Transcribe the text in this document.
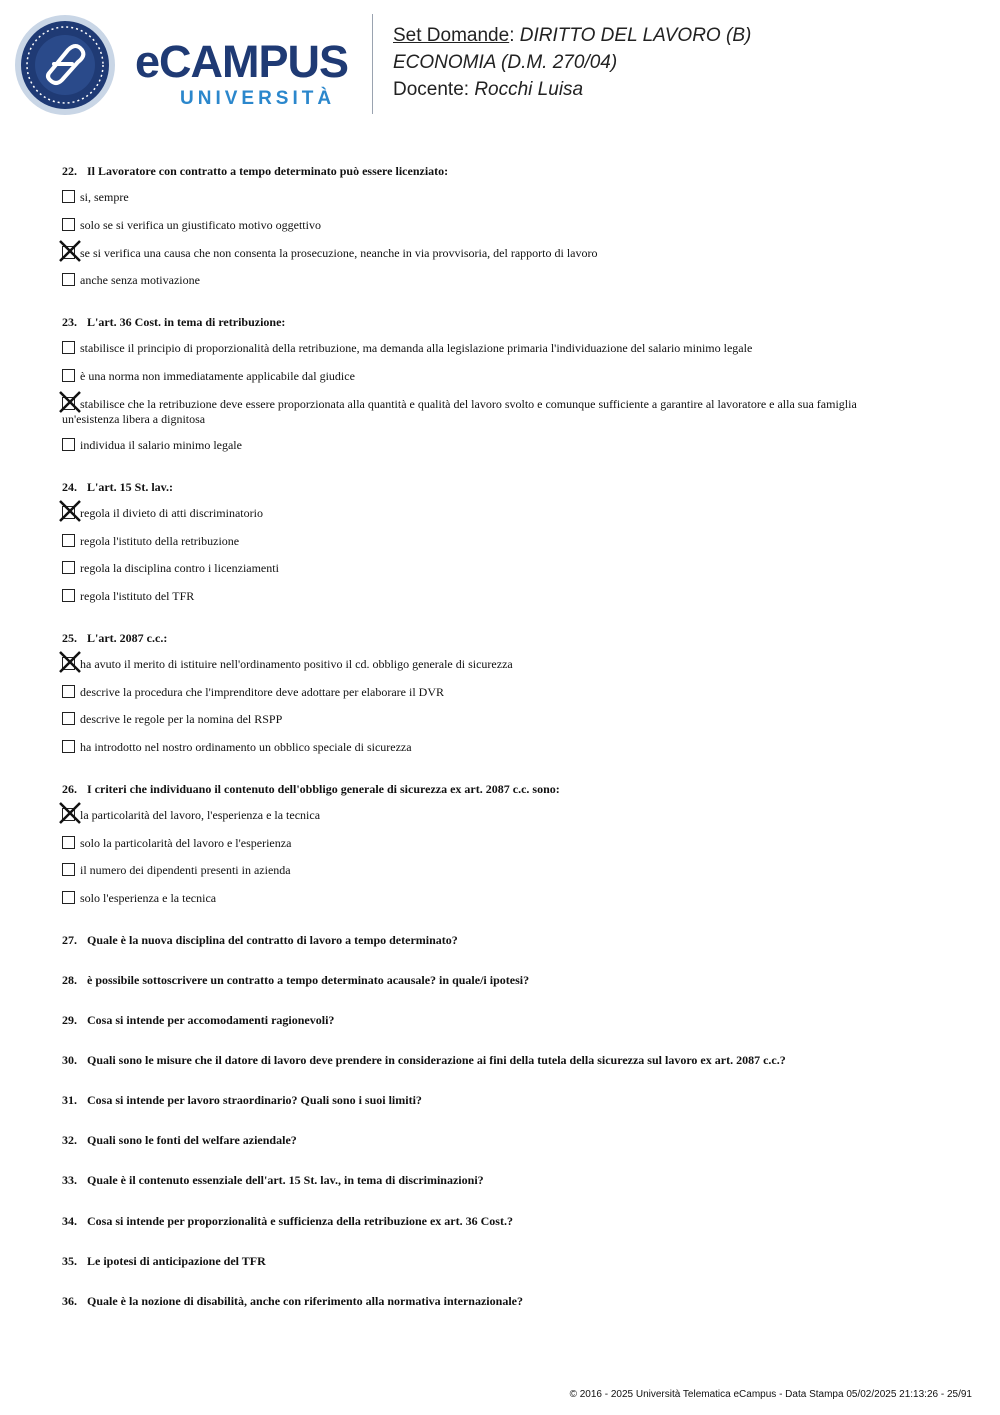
eCAMPUS
UNIVERSITÀ
Set Domande: DIRITTO DEL LAVORO (B)
ECONOMIA (D.M. 270/04)
Docente: Rocchi Luisa
22. Il Lavoratore con contratto a tempo determinato può essere licenziato:
si, sempre
solo se si verifica un giustificato motivo oggettivo
se si verifica una causa che non consenta la prosecuzione, neanche in via provvisoria, del rapporto di lavoro
anche senza motivazione
23. L'art. 36 Cost. in tema di retribuzione:
stabilisce il principio di proporzionalità della retribuzione, ma demanda alla legislazione primaria l'individuazione del salario minimo legale
è una norma non immediatamente applicabile dal giudice
stabilisce che la retribuzione deve essere proporzionata alla quantità e qualità del lavoro svolto e comunque sufficiente a garantire al lavoratore e alla sua famiglia un'esistenza libera a dignitosa
individua il salario minimo legale
24. L'art. 15 St. lav.:
regola il divieto di atti discriminatorio
regola l'istituto della retribuzione
regola la disciplina contro i licenziamenti
regola l'istituto del TFR
25. L'art. 2087 c.c.:
ha avuto il merito di istituire nell'ordinamento positivo il cd. obbligo generale di sicurezza
descrive la procedura che l'imprenditore deve adottare per elaborare il DVR
descrive le regole per la nomina del RSPP
ha introdotto nel nostro ordinamento un obblico speciale di sicurezza
26. I criteri che individuano il contenuto dell'obbligo generale di sicurezza ex art. 2087 c.c. sono:
la particolarità del lavoro, l'esperienza e la tecnica
solo la particolarità del lavoro e l'esperienza
il numero dei dipendenti presenti in azienda
solo l'esperienza e la tecnica
27. Quale è la nuova disciplina del contratto di lavoro a tempo determinato?
28. è possibile sottoscrivere un contratto a tempo determinato acausale? in quale/i ipotesi?
29. Cosa si intende per accomodamenti ragionevoli?
30. Quali sono le misure che il datore di lavoro deve prendere in considerazione ai fini della tutela della sicurezza sul lavoro ex art. 2087 c.c.?
31. Cosa si intende per lavoro straordinario? Quali sono i suoi limiti?
32. Quali sono le fonti del welfare aziendale?
33. Quale è il contenuto essenziale dell'art. 15 St. lav., in tema di discriminazioni?
34. Cosa si intende per proporzionalità e sufficienza della retribuzione ex art. 36 Cost.?
35. Le ipotesi di anticipazione del TFR
36. Quale è la nozione di disabilità, anche con riferimento alla normativa internazionale?
© 2016 - 2025 Università Telematica eCampus - Data Stampa 05/02/2025 21:13:26 - 25/91
